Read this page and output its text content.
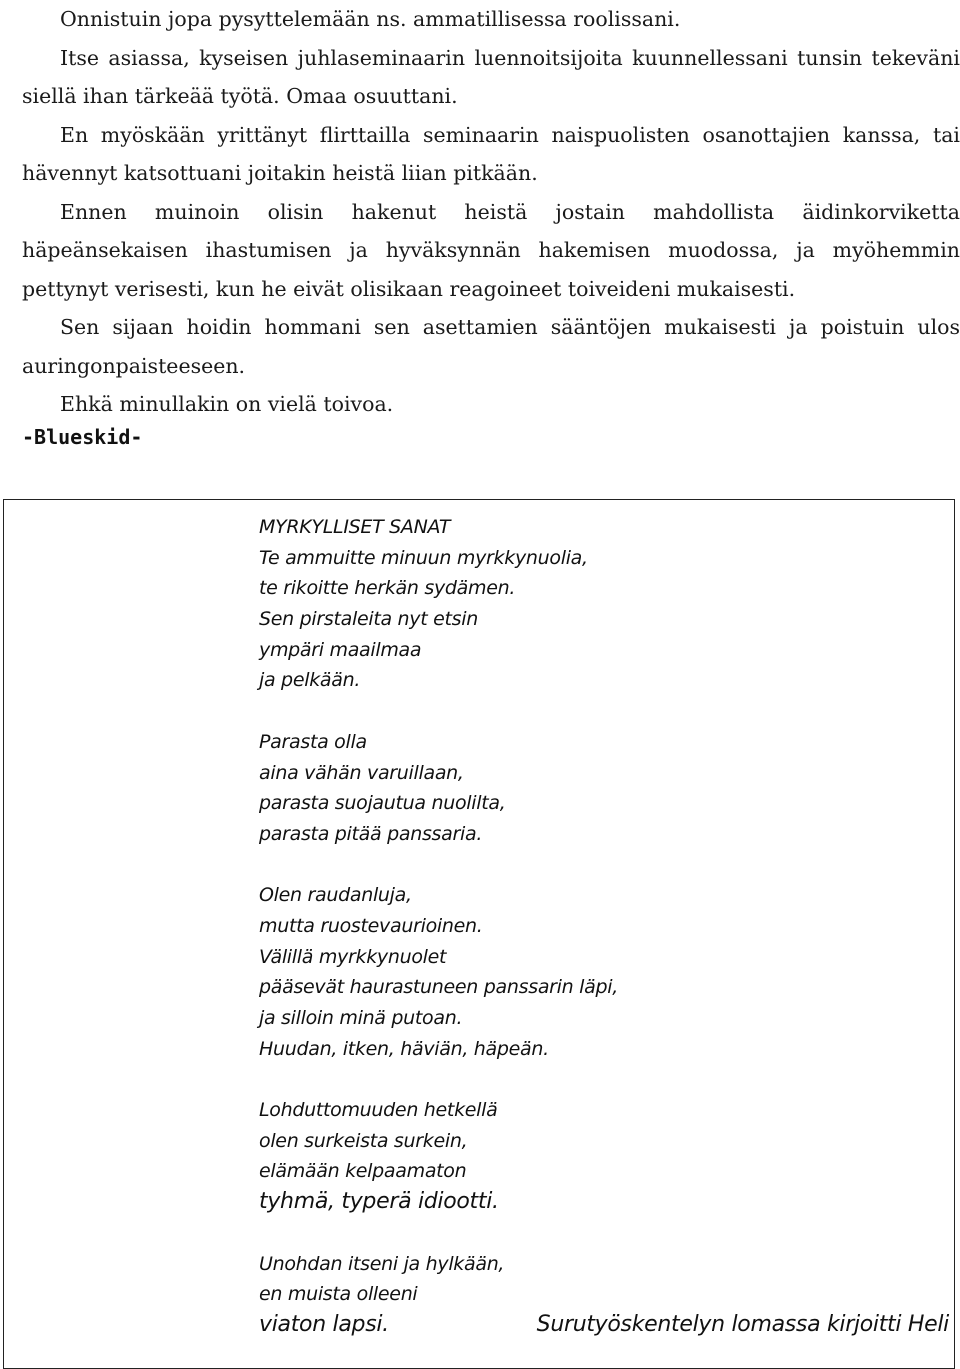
Onnistuin jopa pysyttelemään ns. ammatillisessa roolissani.

Itse asiassa, kyseisen juhlaseminaarin luennoitsijoita kuunnellessani tunsin tekeväni siellä ihan tärkeää työtä. Omaa osuuttani.

En myöskään yrittänyt flirttailla seminaarin naispuolisten osanottajien kanssa, tai hävennyt katsottuani joitakin heistä liian pitkään.

Ennen muinoin olisin hakenut heistä jostain mahdollista äidinkorviketta häpeänsekaisen ihastumisen ja hyväksynnän hakemisen muodossa, ja myöhemmin pettynyt verisesti, kun he eivät olisikaan reagoineet toiveideni mukaisesti.

Sen sijaan hoidin hommani sen asettamien sääntöjen mukaisesti ja poistuin ulos auringonpaisteeseen.

Ehkä minullakin on vielä toivoa.

-Blueskid-
MYRKYLLISET SANAT
Te ammuitte minuun myrkkynuolia,
te rikoitte herkän sydämen.
Sen pirstaleita nyt etsin
ympäri maailmaa
ja pelkään.
Parasta olla
aina vähän varuillaan,
parasta suojautua nuolilta,
parasta pitää panssaria.
Olen raudanluja,
mutta ruostevaurioinen.
Välillä myrkkynuolet
pääsevät haurastuneen panssarin läpi,
ja silloin minä putoan.
Huudan, itken, häviän, häpeän.
Lohduttomuuden hetkellä
olen surkeista surkein,
elämään kelpaamaton
tyhmä, typerä idiootti.
Unohdan itseni ja hylkään,
en muista olleeni
viaton lapsi.	Surutyöskentelyn lomassa kirjoitti Heli
